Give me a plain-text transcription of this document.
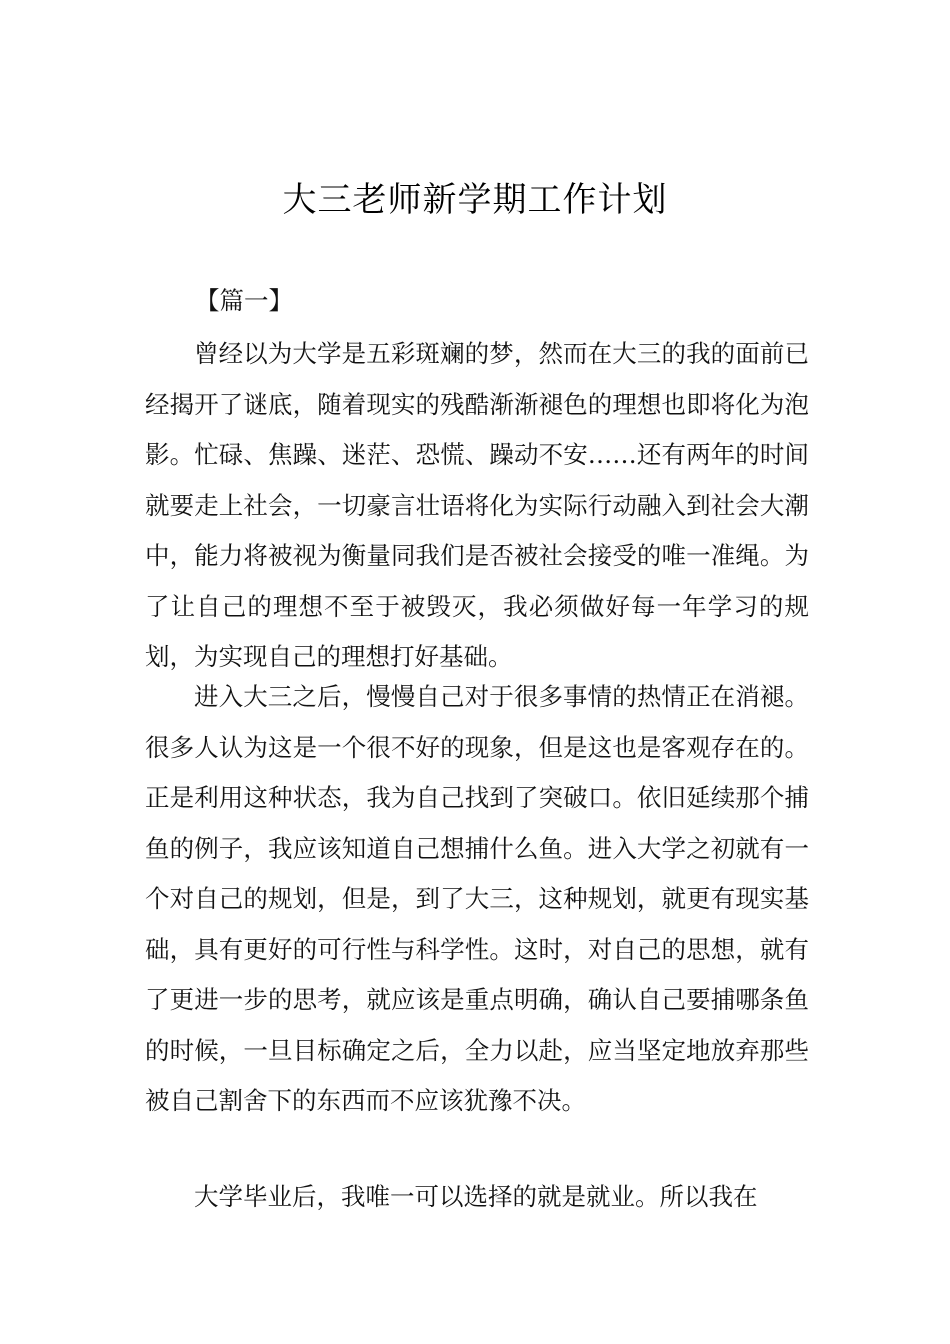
大三老师新学期工作计划
【篇一】

曾经以为大学是五彩斑斓的梦，然而在大三的我的面前已经揭开了谜底，随着现实的残酷渐渐褪色的理想也即将化为泡影。忙碌、焦躁、迷茫、恐慌、躁动不安……还有两年的时间就要走上社会，一切豪言壮语将化为实际行动融入到社会大潮中，能力将被视为衡量同我们是否被社会接受的唯一准绳。为了让自己的理想不至于被毁灭，我必须做好每一年学习的规划，为实现自己的理想打好基础。

进入大三之后，慢慢自己对于很多事情的热情正在消褪。很多人认为这是一个很不好的现象，但是这也是客观存在的。正是利用这种状态，我为自己找到了突破口。依旧延续那个捕鱼的例子，我应该知道自己想捕什么鱼。进入大学之初就有一个对自己的规划，但是，到了大三，这种规划，就更有现实基础，具有更好的可行性与科学性。这时，对自己的思想，就有了更进一步的思考，就应该是重点明确，确认自己要捕哪条鱼的时候，一旦目标确定之后，全力以赴，应当坚定地放弃那些被自己割舍下的东西而不应该犹豫不决。

大学毕业后，我唯一可以选择的就是就业。所以我在
